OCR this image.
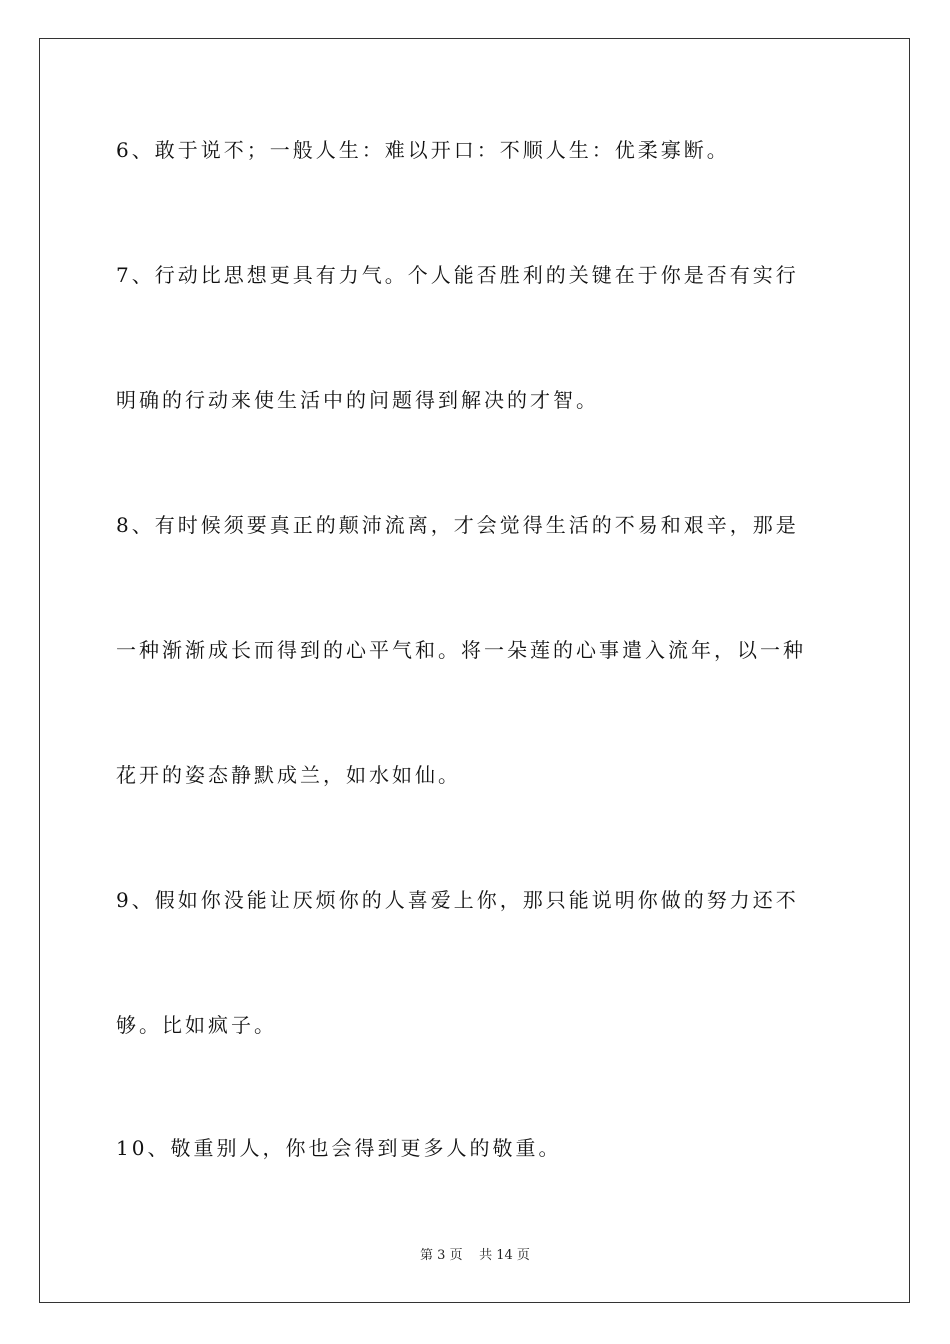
6、敢于说不；一般人生：难以开口：不顺人生：优柔寡断。
7、行动比思想更具有力气。个人能否胜利的关键在于你是否有实行
明确的行动来使生活中的问题得到解决的才智。
8、有时候须要真正的颠沛流离，才会觉得生活的不易和艰辛，那是
一种渐渐成长而得到的心平气和。将一朵莲的心事遣入流年，以一种
花开的姿态静默成兰，如水如仙。
9、假如你没能让厌烦你的人喜爱上你，那只能说明你做的努力还不
够。比如疯子。
10、敬重别人，你也会得到更多人的敬重。
第 3 页 共 14 页
